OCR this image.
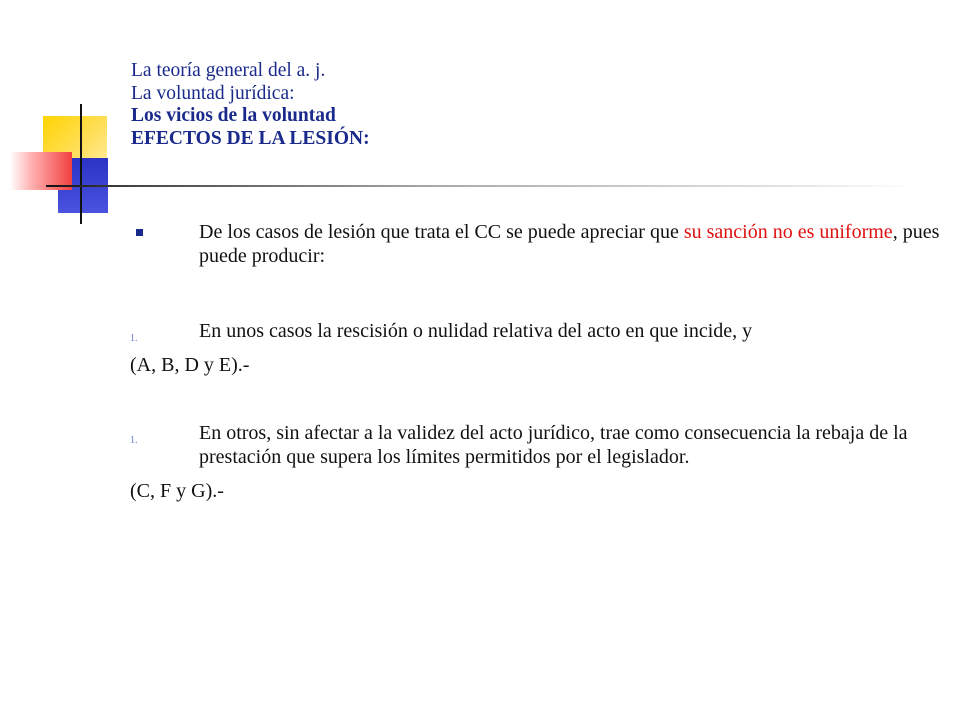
La teoría general del a. j.
La voluntad jurídica:
Los vicios de la voluntad
EFECTOS DE LA LESIÓN:
De los casos de lesión que trata el CC se puede apreciar que su sanción no es uniforme, pues puede producir:
1.	En unos casos la rescisión o nulidad relativa del acto en que incide, y
(A, B, D y E).-
1.	En otros, sin afectar a la validez del acto jurídico, trae como consecuencia la rebaja de la prestación que supera los límites permitidos por el legislador.
(C, F y G).-
